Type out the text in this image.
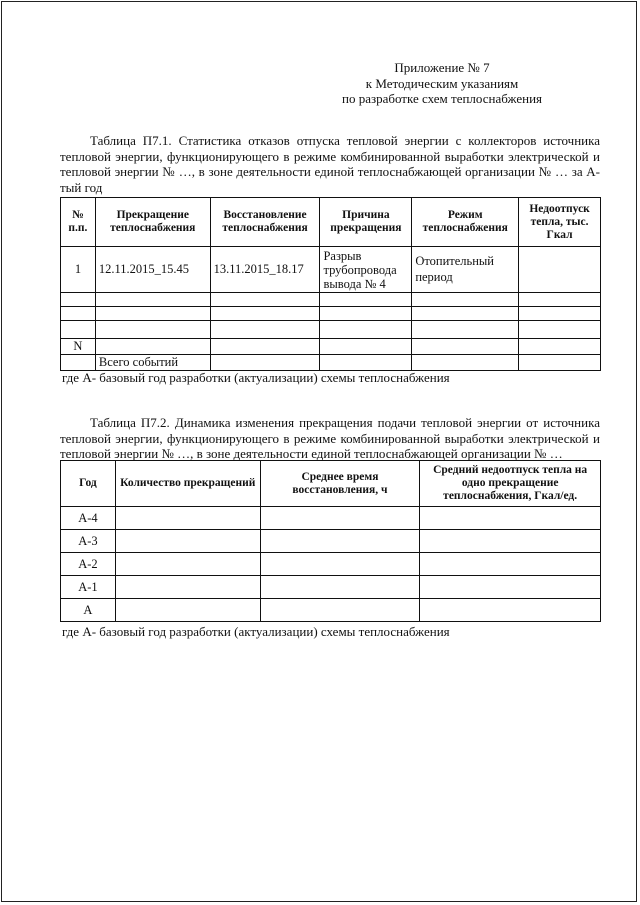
Приложение № 7
к Методическим указаниям
по разработке схем теплоснабжения
Таблица П7.1. Статистика отказов отпуска тепловой энергии с коллекторов источника тепловой энергии, функционирующего в режиме комбинированной выработки электрической и тепловой энергии № …, в зоне деятельности единой теплоснабжающей организации № … за А-тый год
№ п.п.	Прекращение теплоснабжения	Восстановление теплоснабжения	Причина прекращения	Режим теплоснабжения	Недоотпуск тепла, тыс. Гкал
1	12.11.2015_15.45	13.11.2015_18.17	Разрыв трубопровода вывода № 4	Отопительный период	

N					
	Всего событий				
где А- базовый год разработки (актуализации) схемы теплоснабжения
Таблица П7.2. Динамика изменения прекращения подачи тепловой энергии от источника тепловой энергии, функционирующего в режиме комбинированной выработки электрической и тепловой энергии № …, в зоне деятельности единой теплоснабжающей организации № …
Год	Количество прекращений	Среднее время восстановления, ч	Средний недоотпуск тепла на одно прекращение теплоснабжения, Гкал/ед.
А-4			
А-3			
А-2			
А-1			
А			
где А- базовый год разработки (актуализации) схемы теплоснабжения
